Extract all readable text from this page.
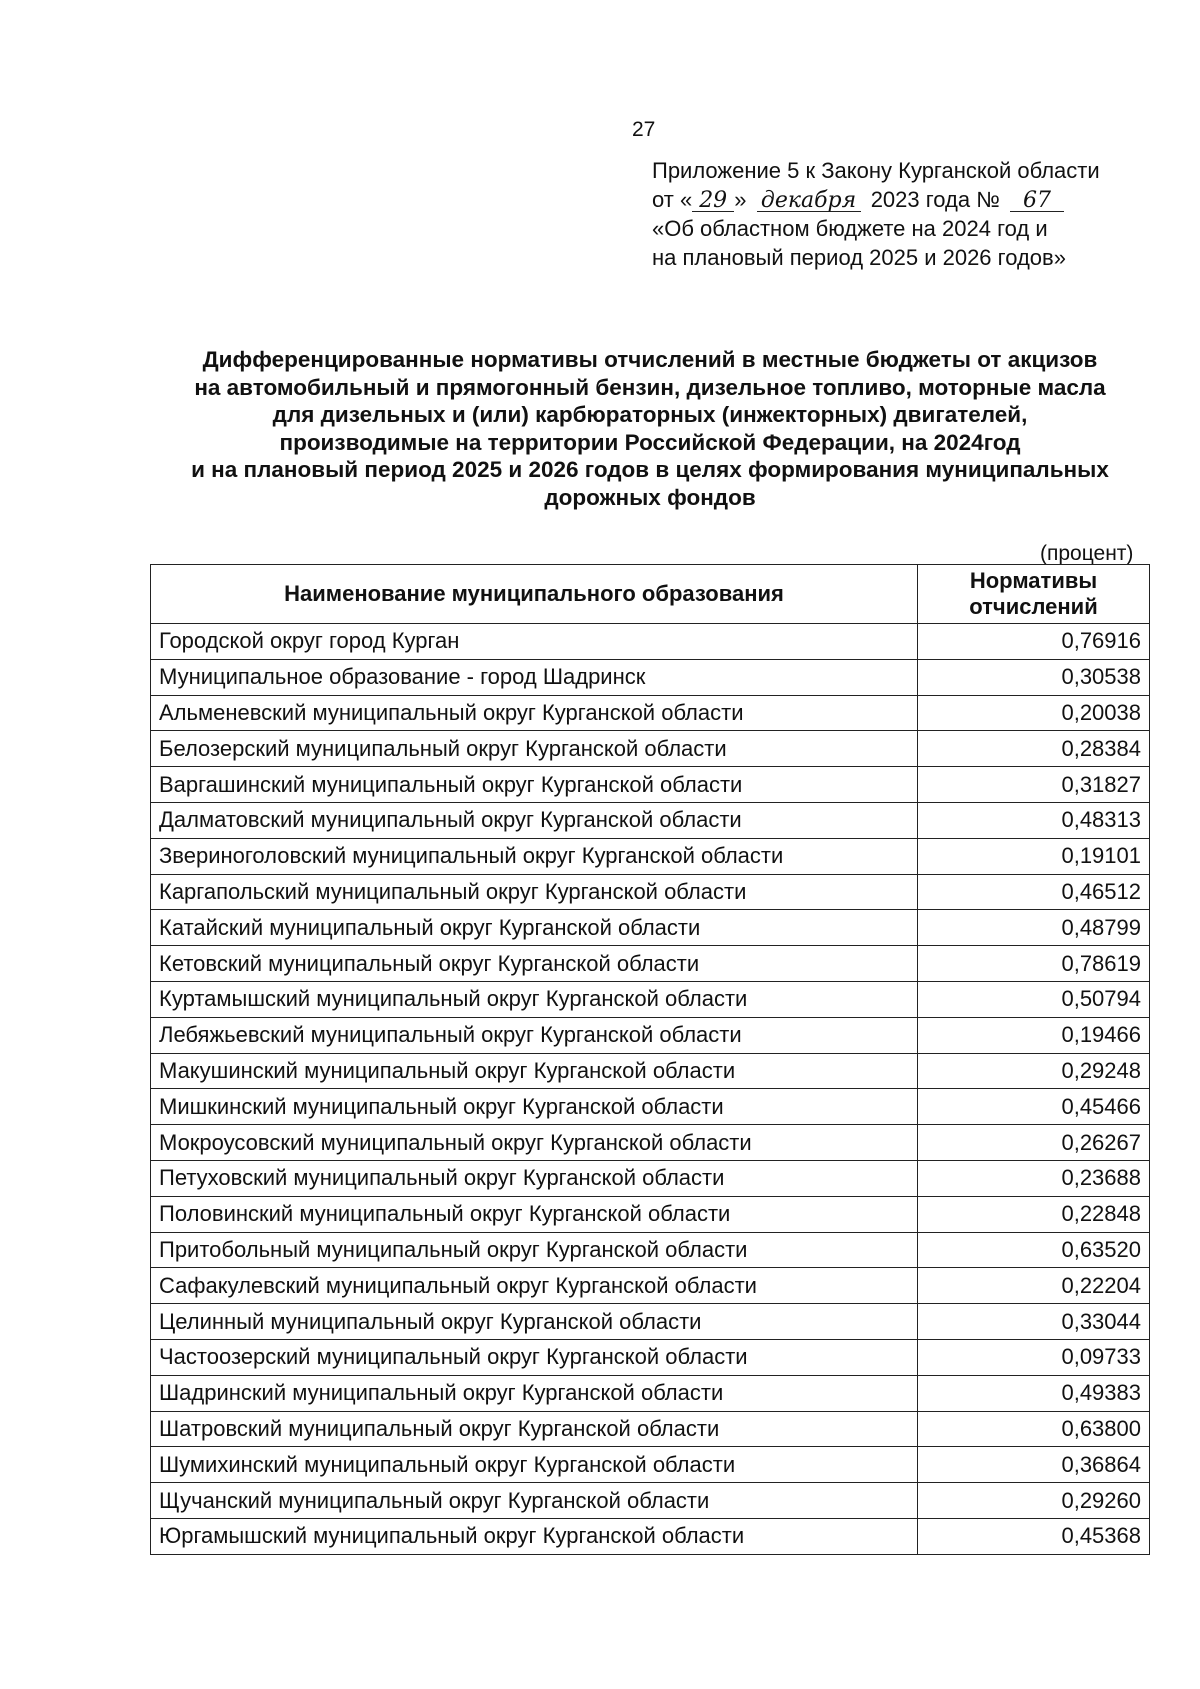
27
Приложение 5 к Закону Курганской области
от « 29 » декабря 2023 года № 67
«Об областном бюджете на 2024 год и
на плановый период 2025 и 2026 годов»
Дифференцированные нормативы отчислений в местные бюджеты от акцизов
на автомобильный и прямогонный бензин, дизельное топливо, моторные масла
для дизельных и (или) карбюраторных (инжекторных) двигателей,
производимые на территории Российской Федерации, на 2024год
и на плановый период 2025 и 2026 годов в целях формирования муниципальных
дорожных фондов
(процент)
Наименование муниципального образования	Нормативы
отчислений

Городской округ город Курган	0,76916
Муниципальное образование - город Шадринск	0,30538
Альменевский муниципальный округ Курганской области	0,20038
Белозерский муниципальный округ Курганской области	0,28384
Варгашинский муниципальный округ Курганской области	0,31827
Далматовский муниципальный округ Курганской области	0,48313
Звериноголовский муниципальный округ Курганской области	0,19101
Каргапольский муниципальный округ Курганской области	0,46512
Катайский муниципальный округ Курганской области	0,48799
Кетовский муниципальный округ Курганской области	0,78619
Куртамышский муниципальный округ Курганской области	0,50794
Лебяжьевский муниципальный округ Курганской области	0,19466
Макушинский муниципальный округ Курганской области	0,29248
Мишкинский муниципальный округ Курганской области	0,45466
Мокроусовский муниципальный округ Курганской области	0,26267
Петуховский муниципальный округ Курганской области	0,23688
Половинский муниципальный округ Курганской области	0,22848
Притобольный муниципальный округ Курганской области	0,63520
Сафакулевский муниципальный округ Курганской области	0,22204
Целинный муниципальный округ Курганской области	0,33044
Частоозерский муниципальный округ Курганской области	0,09733
Шадринский муниципальный округ Курганской области	0,49383
Шатровский муниципальный округ Курганской области	0,63800
Шумихинский муниципальный округ Курганской области	0,36864
Щучанский муниципальный округ Курганской области	0,29260
Юргамышский муниципальный округ Курганской области	0,45368
